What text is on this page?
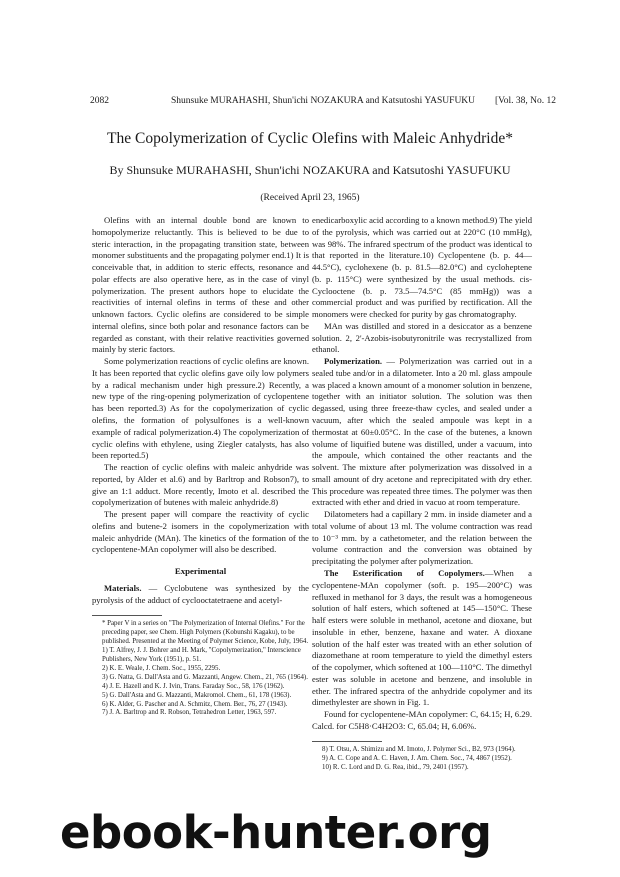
2082	Shunsuke MURAHASHI, Shun'ichi NOZAKURA and Katsutoshi YASUFUKU	[Vol. 38, No. 12
The Copolymerization of Cyclic Olefins with Maleic Anhydride*
By Shunsuke MURAHASHI, Shun'ichi NOZAKURA and Katsutoshi YASUFUKU
(Received April 23, 1965)

Olefins with an internal double bond are known to homopolymerize reluctantly. This is believed to be due to steric interaction, in the propagating transition state, between monomer substituents and the propagating polymer end.1) It is conceivable that, in addition to steric effects, resonance and polar effects are also operative here, as in the case of vinyl polymerization. The present authors hope to elucidate the reactivities of internal olefins in terms of these and other unknown factors. Cyclic olefins are considered to be simple internal olefins, since both polar and resonance factors can be regarded as constant, with their relative reactivities governed mainly by steric factors.

Some polymerization reactions of cyclic olefins are known. It has been reported that cyclic olefins gave oily low polymers by a radical mechanism under high pressure.2) Recently, a new type of the ring-opening polymerization of cyclopentene has been reported.3) As for the copolymerization of cyclic olefins, the formation of polysulfones is a well-known example of radical polymerization.4) The copolymerization of cyclic olefins with ethylene, using Ziegler catalysts, has also been reported.5)

The reaction of cyclic olefins with maleic anhydride was reported, by Alder et al.6) and by Barltrop and Robson7), to give an 1:1 adduct. More recently, Imoto et al. described the copolymerization of butenes with maleic anhydride.8)

The present paper will compare the reactivity of cyclic olefins and butene-2 isomers in the copolymerization with maleic anhydride (MAn). The kinetics of the formation of the cyclopentene-MAn copolymer will also be described.

Experimental

Materials. — Cyclobutene was synthesized by the pyrolysis of the adduct of cyclooctatetraene and acetyl-

* Paper V in a series on "The Polymerization of Internal Olefins." For the preceding paper, see Chem. High Polymers (Kobunshi Kagaku), to be published. Presented at the Meeting of Polymer Science, Kobe, July, 1964.
1) T. Alfrey, J. J. Bohrer and H. Mark, "Copolymerization," Interscience Publishers, New York (1951), p. 51.
2) K. E. Weale, J. Chem. Soc., 1955, 2295.
3) G. Natta, G. Dall'Asta and G. Mazzanti, Angew. Chem., 21, 765 (1964).
4) J. E. Hazell and K. J. Ivin, Trans. Faraday Soc., 58, 176 (1962).
5) G. Dall'Asta and G. Mazzanti, Makromol. Chem., 61, 178 (1963).
6) K. Alder, G. Pascher and A. Schmitz, Chem. Ber., 76, 27 (1943).
7) J. A. Barltrop and R. Robson, Tetrahedron Letter, 1963, 597.

enedicarboxylic acid according to a known method.9) The yield of the pyrolysis, which was carried out at 220°C (10 mmHg), was 98%. The infrared spectrum of the product was identical to that reported in the literature.10) Cyclopentene (b. p. 44—44.5°C), cyclohexene (b. p. 81.5—82.0°C) and cycloheptene (b. p. 115°C) were synthesized by the usual methods. cis-Cyclooctene (b. p. 73.5—74.5°C (85 mmHg)) was a commercial product and was purified by rectification. All the monomers were checked for purity by gas chromatography.

MAn was distilled and stored in a desiccator as a benzene solution. 2, 2'-Azobis-isobutyronitrile was recrystallized from ethanol.

Polymerization. — Polymerization was carried out in a sealed tube and/or in a dilatometer. Into a 20 ml. glass ampoule was placed a known amount of a monomer solution in benzene, together with an initiator solution. The solution was then degassed, using three freeze-thaw cycles, and sealed under a vacuum, after which the sealed ampoule was kept in a thermostat at 60±0.05°C. In the case of the butenes, a known volume of liquified butene was distilled, under a vacuum, into the ampoule, which contained the other reactants and the solvent. The mixture after polymerization was dissolved in a small amount of dry acetone and reprecipitated with dry ether. This procedure was repeated three times. The polymer was then extracted with ether and dried in vacuo at room temperature.

Dilatometers had a capillary 2 mm. in inside diameter and a total volume of about 13 ml. The volume contraction was read to 10⁻³ mm. by a cathetometer, and the relation between the volume contraction and the conversion was obtained by precipitating the polymer after polymerization.

The Esterification of Copolymers.—When a cyclopentene-MAn copolymer (soft. p. 195—200°C) was refluxed in methanol for 3 days, the result was a homogeneous solution of half esters, which softened at 145—150°C. These half esters were soluble in methanol, acetone and dioxane, but insoluble in ether, benzene, haxane and water. A dioxane solution of the half ester was treated with an ether solution of diazomethane at room temperature to yield the dimethyl esters of the copolymer, which softened at 100—110°C. The dimethyl ester was soluble in acetone and benzene, and insoluble in ether. The infrared spectra of the anhydride copolymer and its dimethylester are shown in Fig. 1.

Found for cyclopentene-MAn copolymer: C, 64.15; H, 6.29. Calcd. for C5H8·C4H2O3: C, 65.04; H, 6.06%.

8) T. Otsu, A. Shimizu and M. Imoto, J. Polymer Sci., B2, 973 (1964).
9) A. C. Cope and A. C. Haven, J. Am. Chem. Soc., 74, 4867 (1952).
10) R. C. Lord and D. G. Rea, ibid., 79, 2401 (1957).
ebook-hunter.org
